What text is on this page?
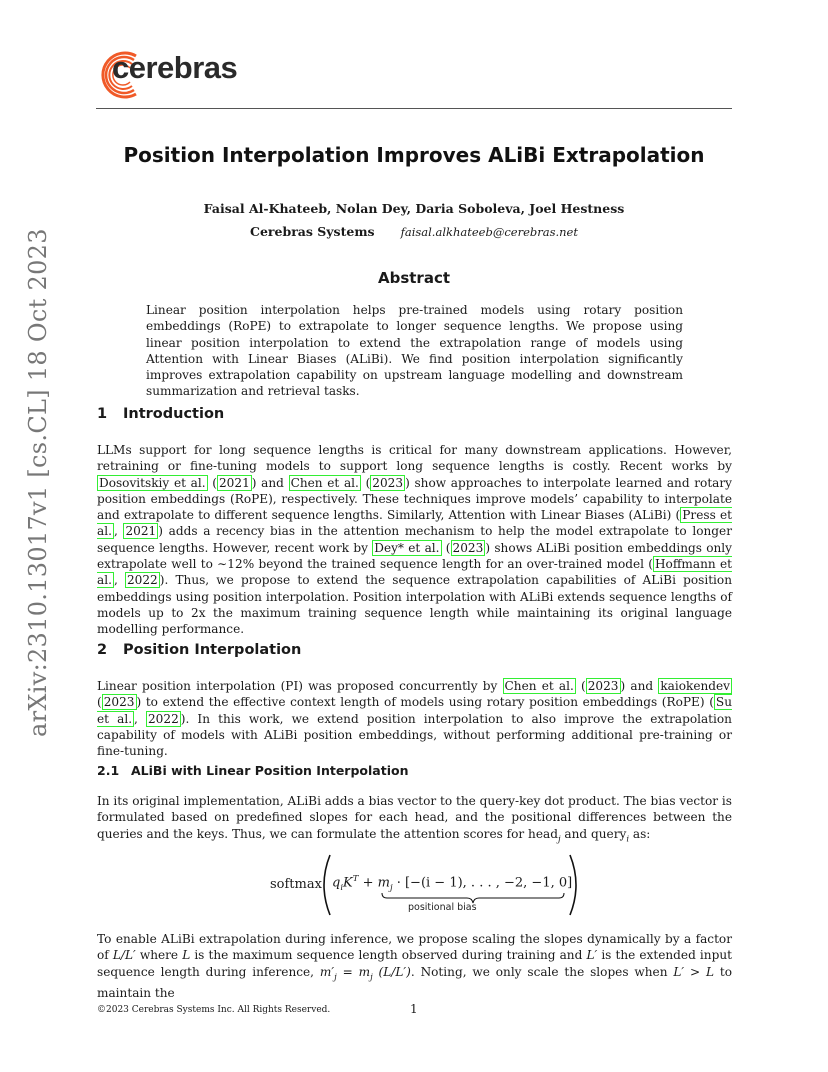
cerebras
arXiv:2310.13017v1 [cs.CL] 18 Oct 2023
Position Interpolation Improves ALiBi Extrapolation
Faisal Al-Khateeb, Nolan Dey, Daria Soboleva, Joel Hestness
Cerebras Systems faisal.alkhateeb@cerebras.net
Abstract
Linear position interpolation helps pre-trained models using rotary position embeddings (RoPE) to extrapolate to longer sequence lengths. We propose using linear position interpolation to extend the extrapolation range of models using Attention with Linear Biases (ALiBi). We find position interpolation significantly improves extrapolation capability on upstream language modelling and downstream summarization and retrieval tasks.
1 Introduction
LLMs support for long sequence lengths is critical for many downstream applications. However, retraining or fine-tuning models to support long sequence lengths is costly. Recent works by Dosovitskiy et al. ( 2021 ) and Chen et al. ( 2023 ) show approaches to interpolate learned and rotary position embeddings (RoPE), respectively. These techniques improve models’ capability to interpolate and extrapolate to different sequence lengths. Similarly, Attention with Linear Biases (ALiBi) ( Press et al. , 2021 ) adds a recency bias in the attention mechanism to help the model extrapolate to longer sequence lengths. However, recent work by Dey* et al. ( 2023 ) shows ALiBi position embeddings only extrapolate well to ∼12% beyond the trained sequence length for an over-trained model ( Hoffmann et al. , 2022 ). Thus, we propose to extend the sequence extrapolation capabilities of ALiBi position embeddings using position interpolation. Position interpolation with ALiBi extends sequence lengths of models up to 2x the maximum training sequence length while maintaining its original language modelling performance.
2 Position Interpolation
Linear position interpolation (PI) was proposed concurrently by Chen et al. ( 2023 ) and kaiokendev ( 2023 ) to extend the effective context length of models using rotary position embeddings (RoPE) ( Su et al. , 2022 ). In this work, we extend position interpolation to also improve the extrapolation capability of models with ALiBi position embeddings, without performing additional pre-training or fine-tuning.
2.1 ALiBi with Linear Position Interpolation
In its original implementation, ALiBi adds a bias vector to the query-key dot product. The bias vector is formulated based on predefined slopes for each head, and the positional differences between the queries and the keys. Thus, we can formulate the attention scores for head$_j$ and query$_i$ as:
softmax $q_iK^T + m_j \cdot [-(i - 1)$, . . . , −2, −1, 0]
positional bias
To enable ALiBi extrapolation during inference, we propose scaling the slopes dynamically by a factor of L/L′ where L is the maximum sequence length observed during training and L′ is the extended input sequence length during inference, $m'_j = m_j$ (L/L′). Noting, we only scale the slopes when L′ > L to maintain the
©2023 Cerebras Systems Inc. All Rights Reserved.	1
